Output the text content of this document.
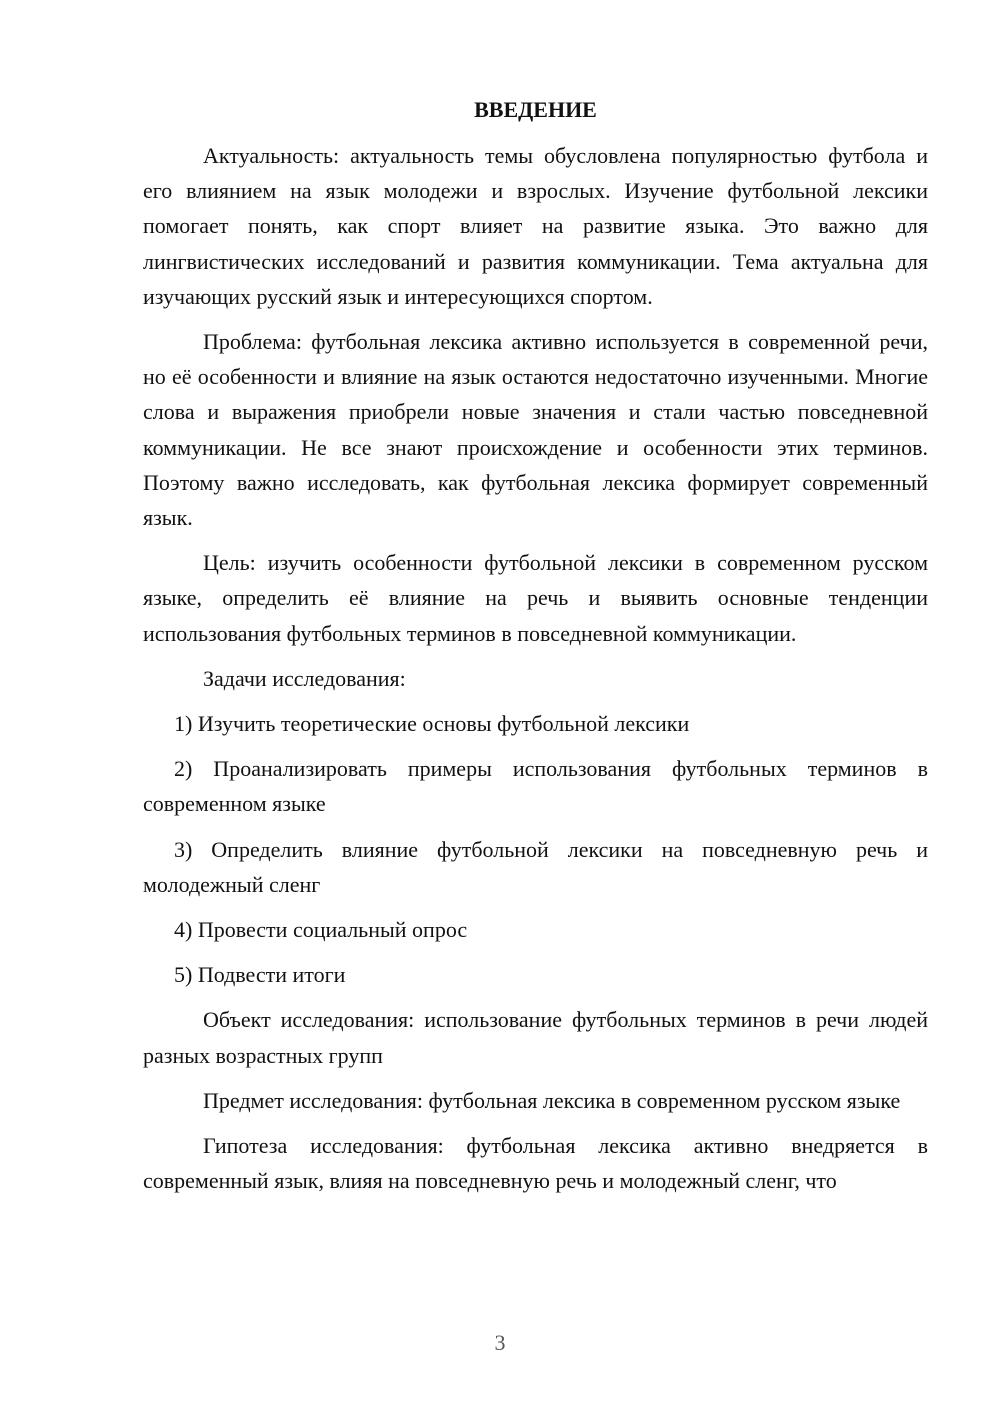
ВВЕДЕНИЕ

Актуальность: актуальность темы обусловлена популярностью футбола и его влиянием на язык молодежи и взрослых. Изучение футбольной лексики помогает понять, как спорт влияет на развитие языка. Это важно для лингвистических исследований и развития коммуникации. Тема актуальна для изучающих русский язык и интересующихся спортом.

Проблема: футбольная лексика активно используется в современной речи, но её особенности и влияние на язык остаются недостаточно изученными. Многие слова и выражения приобрели новые значения и стали частью повседневной коммуникации. Не все знают происхождение и особенности этих терминов. Поэтому важно исследовать, как футбольная лексика формирует современный язык.

Цель: изучить особенности футбольной лексики в современном русском языке, определить её влияние на речь и выявить основные тенденции использования футбольных терминов в повседневной коммуникации.

Задачи исследования:

1) Изучить теоретические основы футбольной лексики

2) Проанализировать примеры использования футбольных терминов в современном языке

3) Определить влияние футбольной лексики на повседневную речь и молодежный сленг

4) Провести социальный опрос

5) Подвести итоги

Объект исследования: использование футбольных терминов в речи людей разных возрастных групп

Предмет исследования: футбольная лексика в современном русском языке

Гипотеза исследования: футбольная лексика активно внедряется в современный язык, влияя на повседневную речь и молодежный сленг, что

3
